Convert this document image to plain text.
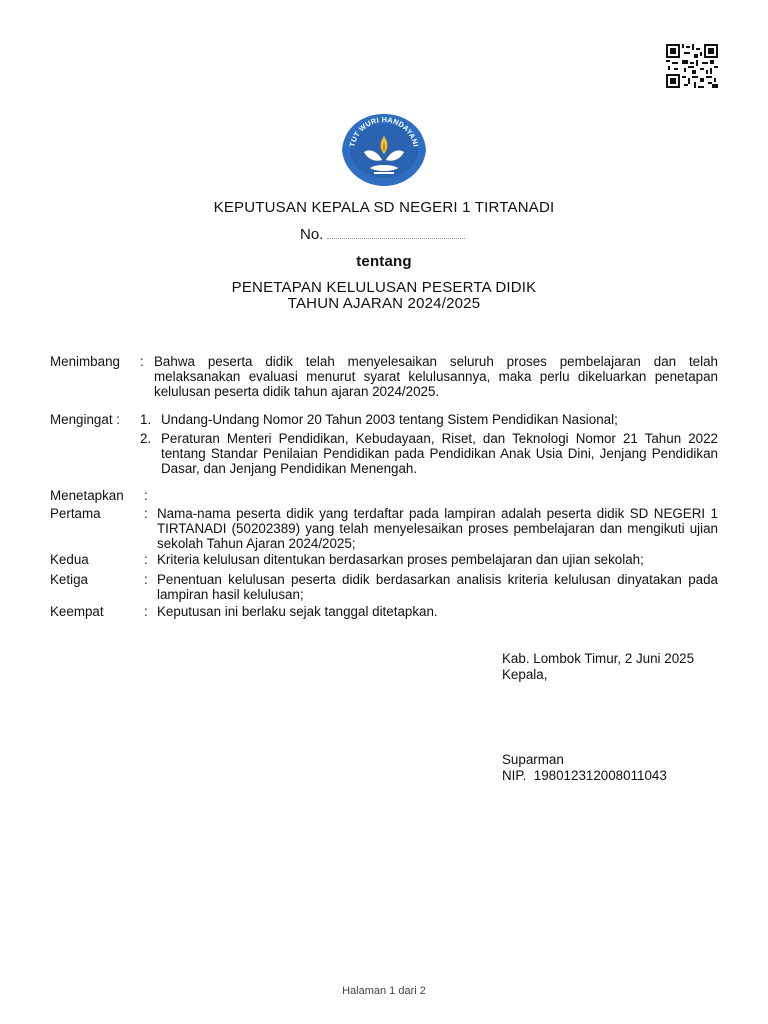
TUT WURI HANDAYANI
KEPUTUSAN KEPALA SD NEGERI 1 TIRTANADI
No.
tentang
PENETAPAN KELULUSAN PESERTA DIDIK
TAHUN AJARAN 2024/2025
Menimbang : Bahwa peserta didik telah menyelesaikan seluruh proses pembelajaran dan telah melaksanakan evaluasi menurut syarat kelulusannya, maka perlu dikeluarkan penetapan kelulusan peserta didik tahun ajaran 2024/2025.
Mengingat : 1. Undang-Undang Nomor 20 Tahun 2003 tentang Sistem Pendidikan Nasional;
2. Peraturan Menteri Pendidikan, Kebudayaan, Riset, dan Teknologi Nomor 21 Tahun 2022 tentang Standar Penilaian Pendidikan pada Pendidikan Anak Usia Dini, Jenjang Pendidikan Dasar, dan Jenjang Pendidikan Menengah.
Menetapkan :
Pertama	: Nama-nama peserta didik yang terdaftar pada lampiran adalah peserta didik SD NEGERI 1 TIRTANADI (50202389) yang telah menyelesaikan proses pembelajaran dan mengikuti ujian sekolah Tahun Ajaran 2024/2025;
Kedua	: Kriteria kelulusan ditentukan berdasarkan proses pembelajaran dan ujian sekolah;
Ketiga	: Penentuan kelulusan peserta didik berdasarkan analisis kriteria kelulusan dinyatakan pada lampiran hasil kelulusan;
Keempat	: Keputusan ini berlaku sejak tanggal ditetapkan.
Kab. Lombok Timur, 2 Juni 2025
Kepala,
Suparman
NIP.  198012312008011043
Halaman 1 dari 2
